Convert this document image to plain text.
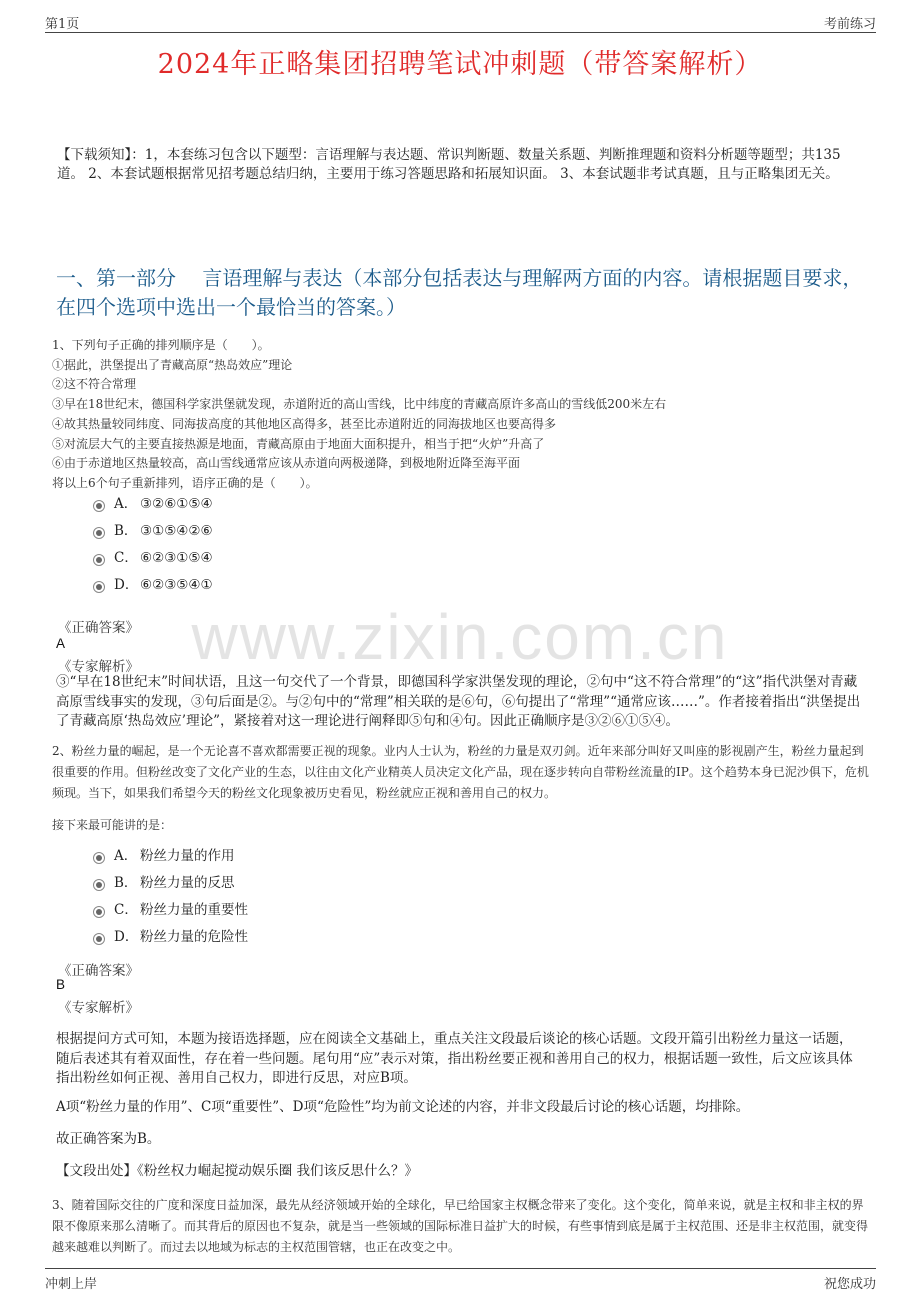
第1页	考前练习
www.zixin.com.cn
2024年正略集团招聘笔试冲刺题（带答案解析）
【下载须知】：1，本套练习包含以下题型：言语理解与表达题、常识判断题、数量关系题、判断推理题和资料分析题等题型；共135道。 2、本套试题根据常见招考题总结归纳，主要用于练习答题思路和拓展知识面。 3、本套试题非考试真题，且与正略集团无关。
一、第一部分　 言语理解与表达（本部分包括表达与理解两方面的内容。请根据题目要求，在四个选项中选出一个最恰当的答案。）

1、下列句子正确的排列顺序是（　　）。

①据此，洪堡提出了青藏高原“热岛效应”理论

②这不符合常理

③早在18世纪末，德国科学家洪堡就发现，赤道附近的高山雪线，比中纬度的青藏高原许多高山的雪线低200米左右

④故其热量较同纬度、同海拔高度的其他地区高得多，甚至比赤道附近的同海拔地区也要高得多

⑤对流层大气的主要直接热源是地面，青藏高原由于地面大面积提升，相当于把“火炉”升高了

⑥由于赤道地区热量较高，高山雪线通常应该从赤道向两极递降，到极地附近降至海平面

将以上6个句子重新排列，语序正确的是（　　）。

A． ③②⑥①⑤④
B． ③①⑤④②⑥
C． ⑥②③①⑤④
D． ⑥②③⑤④①
《正确答案》
A
《专家解析》
③“早在18世纪末”时间状语，且这一句交代了一个背景，即德国科学家洪堡发现的理论，②句中“这不符合常理”的“这”指代洪堡对青藏高原雪线事实的发现，③句后面是②。与②句中的“常理”相关联的是⑥句，⑥句提出了“常理”“通常应该……”。作者接着指出“洪堡提出了青藏高原‘热岛效应’理论”，紧接着对这一理论进行阐释即⑤句和④句。因此正确顺序是③②⑥①⑤④。
2、粉丝力量的崛起，是一个无论喜不喜欢都需要正视的现象。业内人士认为，粉丝的力量是双刃剑。近年来部分叫好又叫座的影视剧产生，粉丝力量起到很重要的作用。但粉丝改变了文化产业的生态，以往由文化产业精英人员决定文化产品，现在逐步转向自带粉丝流量的IP。这个趋势本身已泥沙俱下，危机频现。当下，如果我们希望今天的粉丝文化现象被历史看见，粉丝就应正视和善用自己的权力。
接下来最可能讲的是：
A． 粉丝力量的作用
B． 粉丝力量的反思
C． 粉丝力量的重要性
D． 粉丝力量的危险性
《正确答案》
B
《专家解析》

根据提问方式可知，本题为接语选择题，应在阅读全文基础上，重点关注文段最后谈论的核心话题。文段开篇引出粉丝力量这一话题，随后表述其有着双面性，存在着一些问题。尾句用“应”表示对策，指出粉丝要正视和善用自己的权力，根据话题一致性，后文应该具体指出粉丝如何正视、善用自己权力，即进行反思，对应B项。

A项“粉丝力量的作用”、C项“重要性”、D项“危险性”均为前文论述的内容，并非文段最后讨论的核心话题，均排除。

故正确答案为B。

【文段出处】《粉丝权力崛起搅动娱乐圈 我们该反思什么？》

3、随着国际交往的广度和深度日益加深，最先从经济领域开始的全球化，早已给国家主权概念带来了变化。这个变化，简单来说，就是主权和非主权的界限不像原来那么清晰了。而其背后的原因也不复杂，就是当一些领域的国际标准日益扩大的时候，有些事情到底是属于主权范围、还是非主权范围，就变得越来越难以判断了。而过去以地域为标志的主权范围管辖，也正在改变之中。
冲刺上岸	祝您成功
